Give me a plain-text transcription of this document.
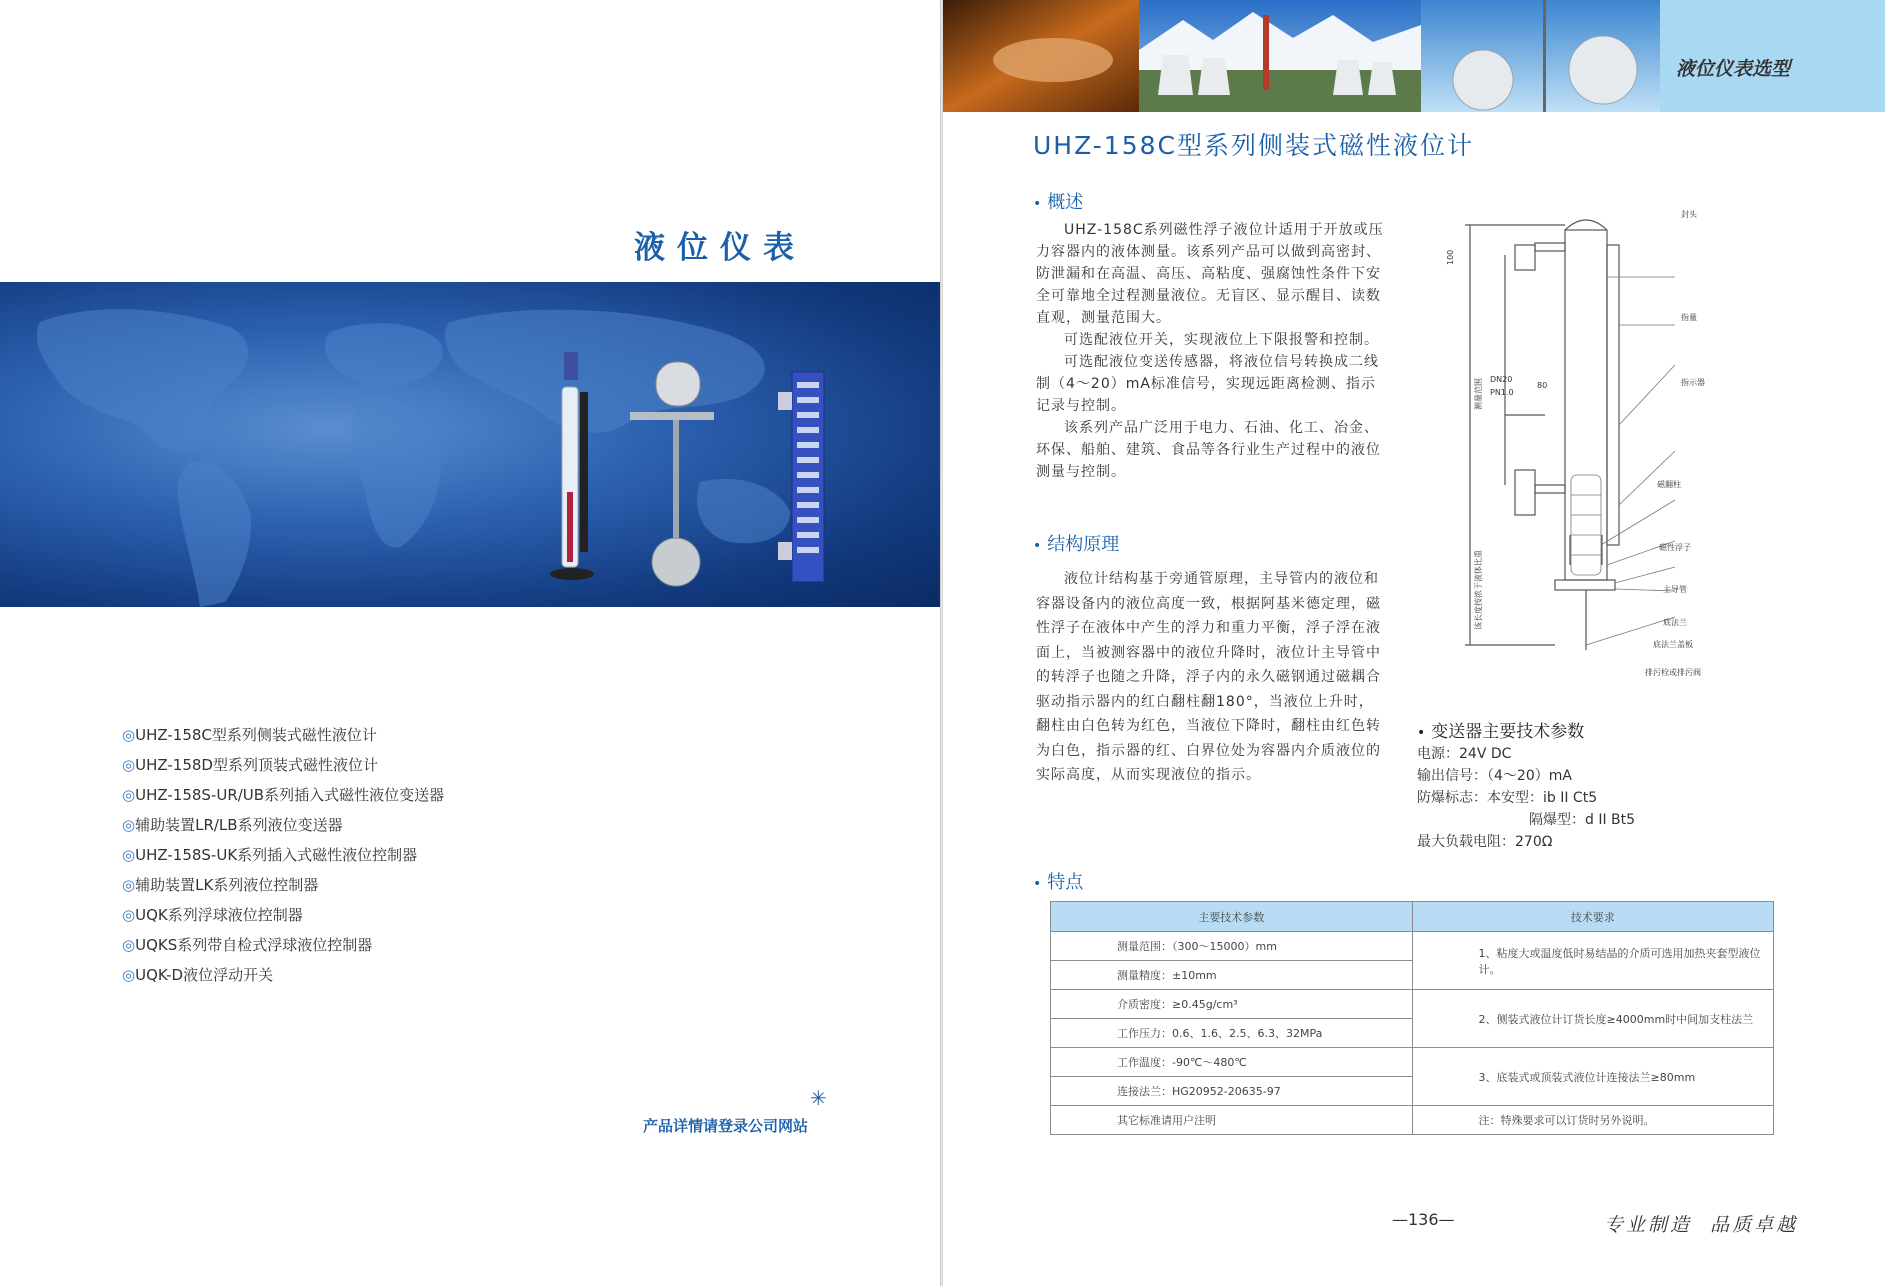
液位仪表
◎UHZ-158C型系列侧装式磁性液位计
◎UHZ-158D型系列顶装式磁性液位计
◎UHZ-158S-UR/UB系列插入式磁性液位变送器
◎辅助装置LR/LB系列液位变送器
◎UHZ-158S-UK系列插入式磁性液位控制器
◎辅助装置LK系列液位控制器
◎UQK系列浮球液位控制器
◎UQKS系列带自检式浮球液位控制器
◎UQK-D液位浮动开关
✳
产品详情请登录公司网站
液位仪表选型
UHZ-158C型系列侧装式磁性液位计
• 概述
UHZ-158C系列磁性浮子液位计适用于开放或压力容器内的液体测量。该系列产品可以做到高密封、防泄漏和在高温、高压、高粘度、强腐蚀性条件下安全可靠地全过程测量液位。无盲区、显示醒目、读数直观，测量范围大。
可选配液位开关，实现液位上下限报警和控制。
可选配液位变送传感器，将液位信号转换成二线制（4～20）mA标准信号，实现远距离检测、指示记录与控制。
该系列产品广泛用于电力、石油、化工、冶金、环保、船舶、建筑、食品等各行业生产过程中的液位测量与控制。
• 结构原理
液位计结构基于旁通管原理，主导管内的液位和容器设备内的液位高度一致，根据阿基米德定理，磁性浮子在液体中产生的浮力和重力平衡，浮子浮在液面上，当被测容器中的液位升降时，液位计主导管中的转浮子也随之升降，浮子内的永久磁钢通过磁耦合驱动指示器内的红白翻柱翻180°，当液位上升时，翻柱由白色转为红色，当液位下降时，翻柱由红色转为白色，指示器的红、白界位处为容器内介质液位的实际高度，从而实现液位的指示。
封头
指量
指示器
磁翻柱
磁性浮子
主导管
底法兰
底法兰盖板
排污栓或排污阀
DN20
PN1.0
80
100
测量范围
该长度按浓于液体比重
• 变送器主要技术参数
电源：24V DC
输出信号：（4～20）mA
防爆标志：本安型：ib II Ct5
隔爆型：d II Bt5
最大负载电阻：270Ω
• 特点
主要技术参数	技术要求
测量范围：（300～15000）mm	1、粘度大或温度低时易结晶的介质可选用加热夹套型液位计。
测量精度：±10mm	
介质密度：≥0.45g/cm³	2、侧装式液位计订货长度≥4000mm时中间加支柱法兰
工作压力：0.6、1.6、2.5、6.3、32MPa	
工作温度：-90℃～480℃	3、底装式或顶装式液位计连接法兰≥80mm
连接法兰：HG20952-20635-97	
其它标准请用户注明	注：特殊要求可以订货时另外说明。
—136—	专业制造  品质卓越
